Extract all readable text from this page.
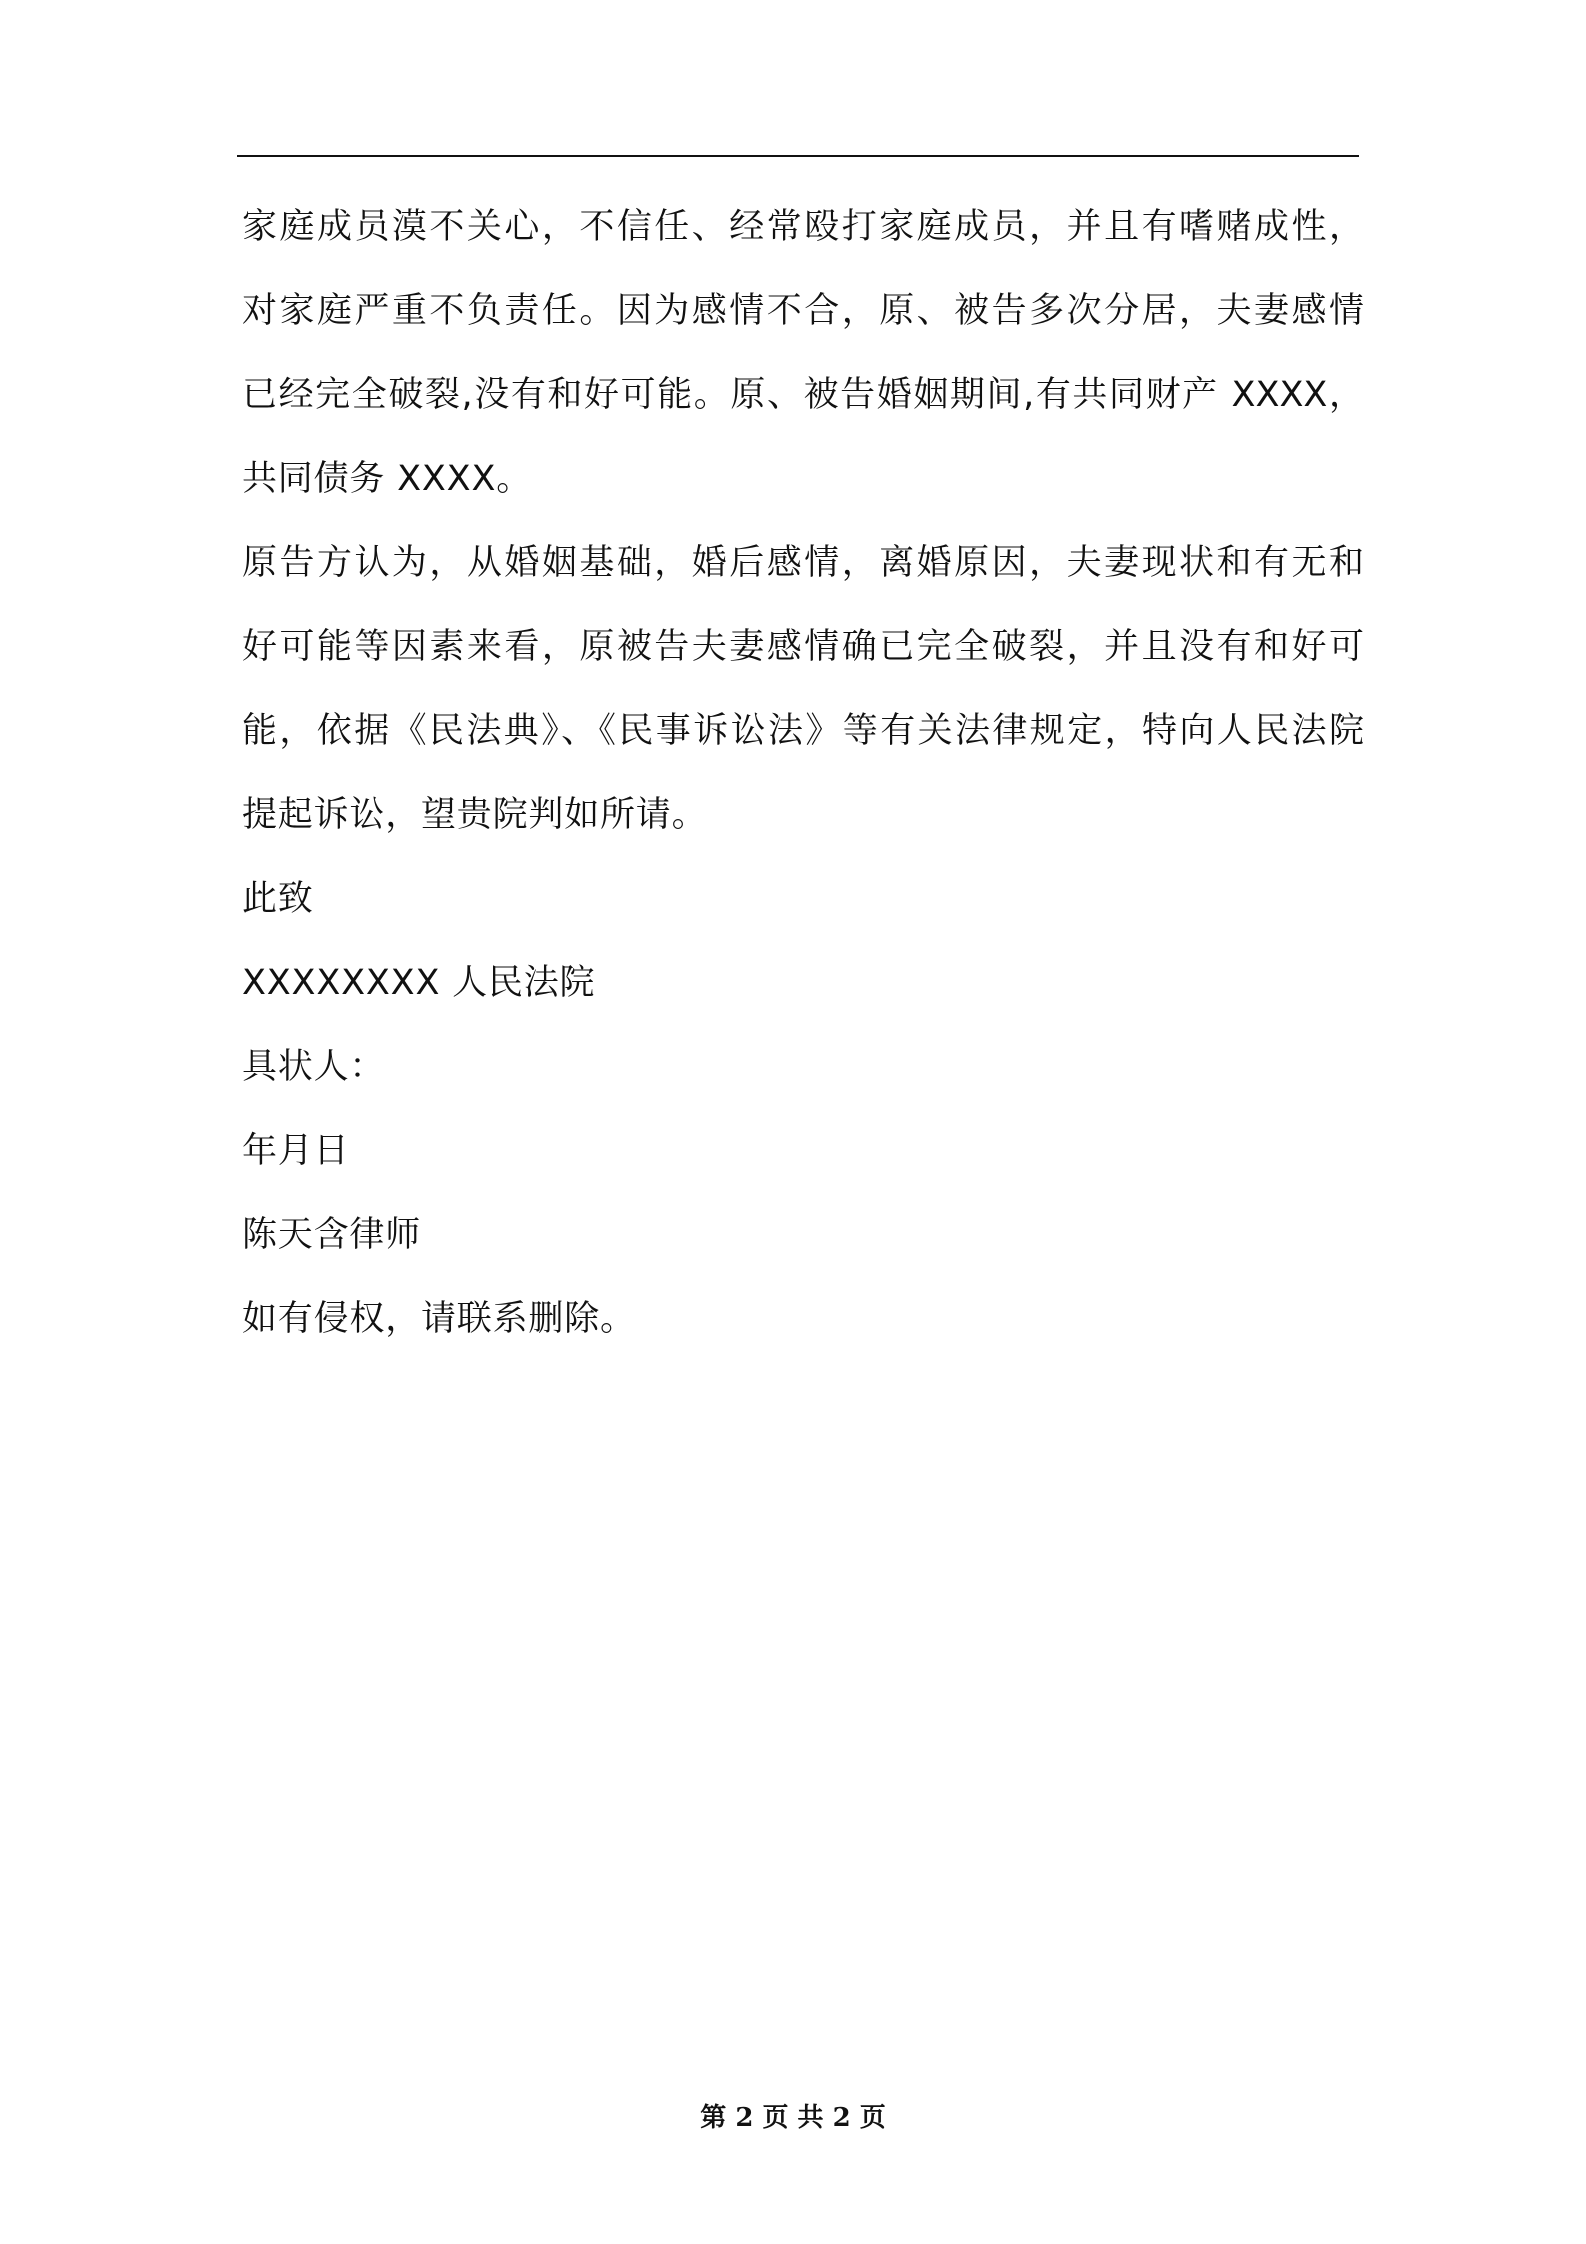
家庭成员漠不关心，不信任、经常殴打家庭成员，并且有嗜赌成性，
对家庭严重不负责任。因为感情不合，原、被告多次分居，夫妻感情
已经完全破裂,没有和好可能。原、被告婚姻期间,有共同财产 XXXX，
共同债务 XXXX。
原告方认为，从婚姻基础，婚后感情，离婚原因，夫妻现状和有无和
好可能等因素来看，原被告夫妻感情确已完全破裂，并且没有和好可
能，依据《民法典》、《民事诉讼法》等有关法律规定，特向人民法院
提起诉讼，望贵院判如所请。
此致
XXXXXXXX 人民法院
具状人：
年月日
陈天含律师
如有侵权，请联系删除。
第 2 页 共 2 页
